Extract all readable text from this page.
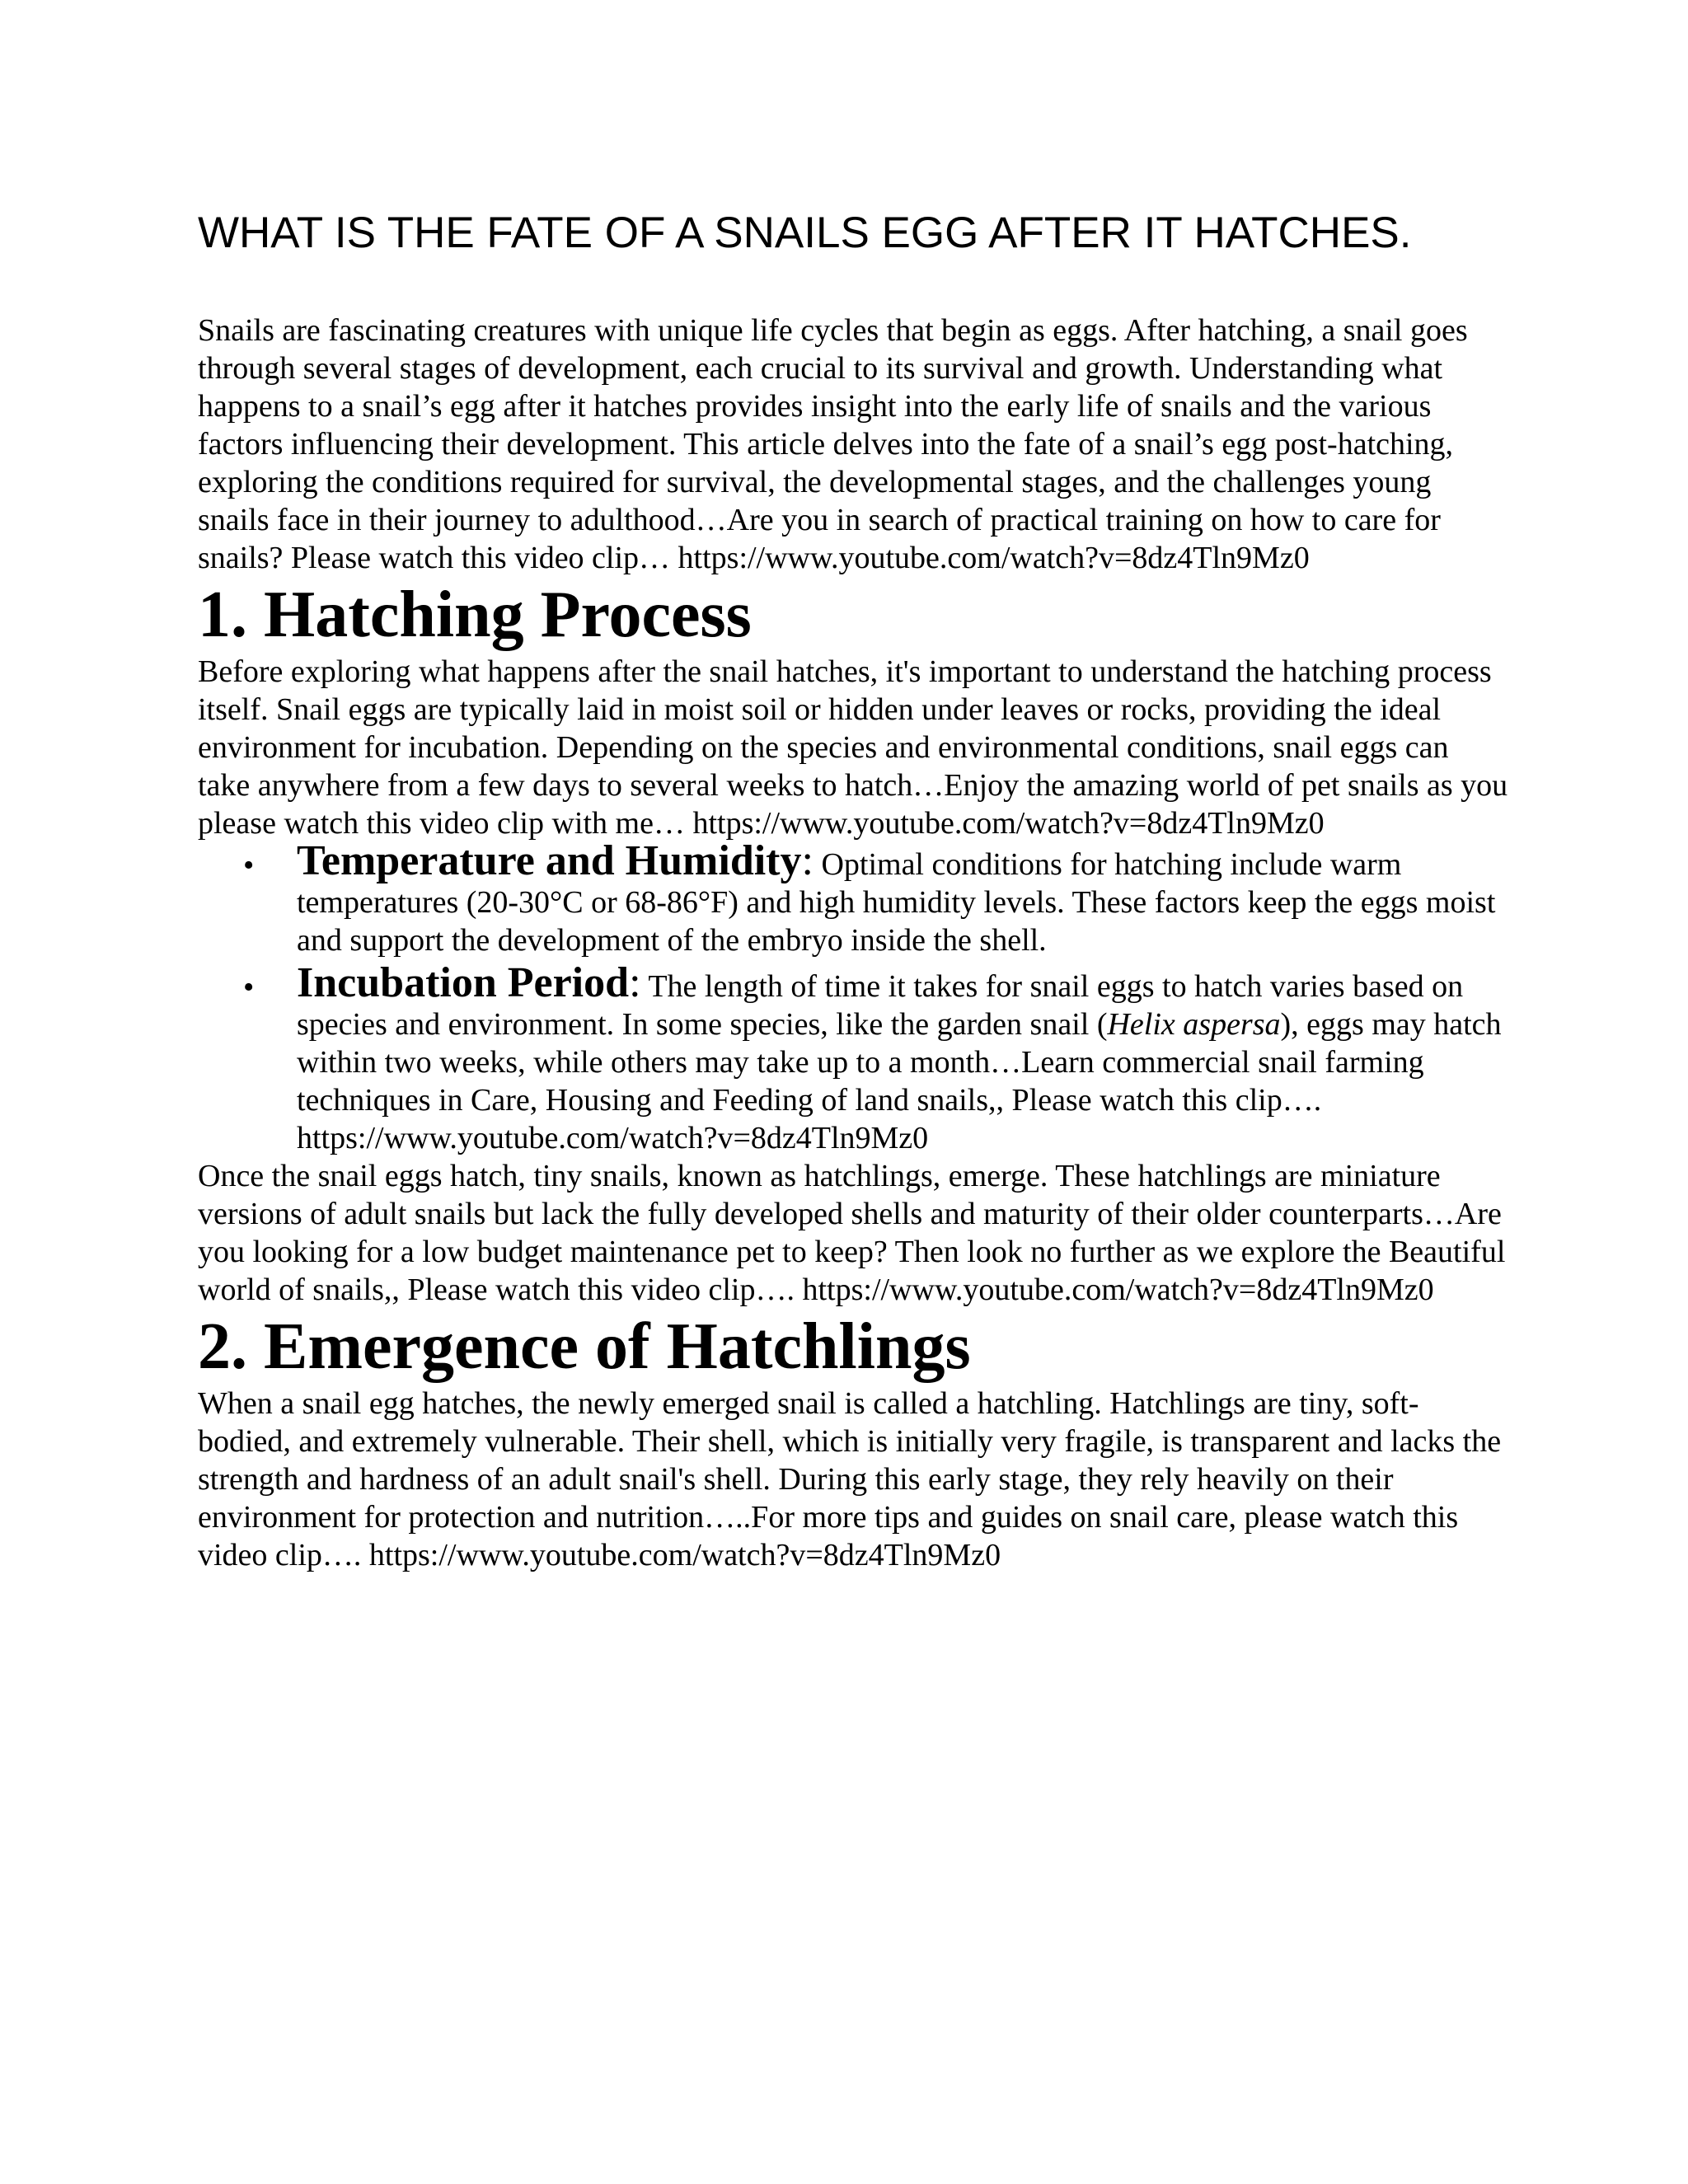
WHAT IS THE FATE OF A SNAILS EGG AFTER IT HATCHES.

Snails are fascinating creatures with unique life cycles that begin as eggs. After hatching, a snail goes through several stages of development, each crucial to its survival and growth. Understanding what happens to a snail’s egg after it hatches provides insight into the early life of snails and the various factors influencing their development. This article delves into the fate of a snail’s egg post-hatching, exploring the conditions required for survival, the developmental stages, and the challenges young snails face in their journey to adulthood…Are you in search of practical training on how to care for snails? Please watch this video clip… https://www.youtube.com/watch?v=8dz4Tln9Mz0

1. Hatching Process

Before exploring what happens after the snail hatches, it's important to understand the hatching process itself. Snail eggs are typically laid in moist soil or hidden under leaves or rocks, providing the ideal environment for incubation. Depending on the species and environmental conditions, snail eggs can take anywhere from a few days to several weeks to hatch…Enjoy the amazing world of pet snails as you please watch this video clip with me… https://www.youtube.com/watch?v=8dz4Tln9Mz0

• Temperature and Humidity: Optimal conditions for hatching include warm temperatures (20-30°C or 68-86°F) and high humidity levels. These factors keep the eggs moist and support the development of the embryo inside the shell.
• Incubation Period: The length of time it takes for snail eggs to hatch varies based on species and environment. In some species, like the garden snail (Helix aspersa), eggs may hatch within two weeks, while others may take up to a month…Learn commercial snail farming techniques in Care, Housing and Feeding of land snails,, Please watch this clip…. https://www.youtube.com/watch?v=8dz4Tln9Mz0

Once the snail eggs hatch, tiny snails, known as hatchlings, emerge. These hatchlings are miniature versions of adult snails but lack the fully developed shells and maturity of their older counterparts…Are you looking for a low budget maintenance pet to keep? Then look no further as we explore the Beautiful world of snails,, Please watch this video clip…. https://www.youtube.com/watch?v=8dz4Tln9Mz0

2. Emergence of Hatchlings

When a snail egg hatches, the newly emerged snail is called a hatchling. Hatchlings are tiny, soft-bodied, and extremely vulnerable. Their shell, which is initially very fragile, is transparent and lacks the strength and hardness of an adult snail's shell. During this early stage, they rely heavily on their environment for protection and nutrition…..For more tips and guides on snail care, please watch this video clip…. https://www.youtube.com/watch?v=8dz4Tln9Mz0
